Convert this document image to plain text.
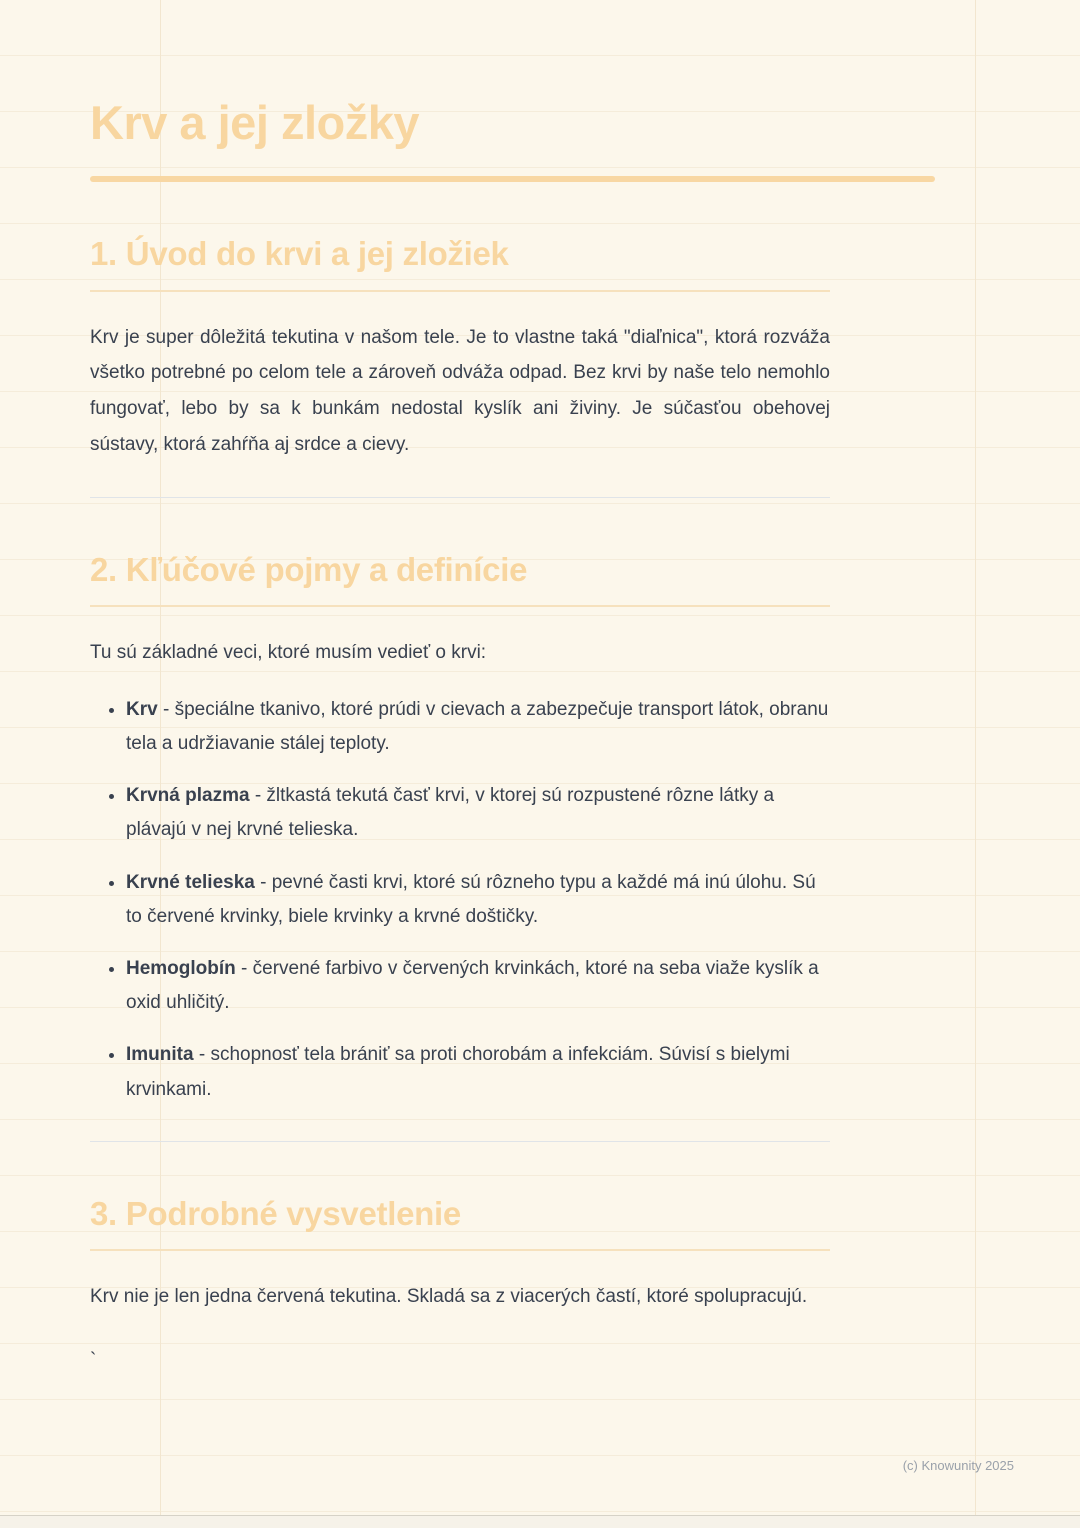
Krv a jej zložky
1. Úvod do krvi a jej zložiek

Krv je super dôležitá tekutina v našom tele. Je to vlastne taká "diaľnica", ktorá rozváža všetko potrebné po celom tele a zároveň odváža odpad. Bez krvi by naše telo nemohlo fungovať, lebo by sa k bunkám nedostal kyslík ani živiny. Je súčasťou obehovej sústavy, ktorá zahŕňa aj srdce a cievy.

2. Kľúčové pojmy a definície

Tu sú základné veci, ktoré musím vedieť o krvi:

• Krv - špeciálne tkanivo, ktoré prúdi v cievach a zabezpečuje transport látok, obranu tela a udržiavanie stálej teploty.
• Krvná plazma - žltkastá tekutá časť krvi, v ktorej sú rozpustené rôzne látky a plávajú v nej krvné telieska.
• Krvné telieska - pevné časti krvi, ktoré sú rôzneho typu a každé má inú úlohu. Sú to červené krvinky, biele krvinky a krvné doštičky.
• Hemoglobín - červené farbivo v červených krvinkách, ktoré na seba viaže kyslík a oxid uhličitý.
• Imunita - schopnosť tela brániť sa proti chorobám a infekciám. Súvisí s bielymi krvinkami.
3. Podrobné vysvetlenie

Krv nie je len jedna červená tekutina. Skladá sa z viacerých častí, ktoré spolupracujú.

`

(c) Knowunity 2025
